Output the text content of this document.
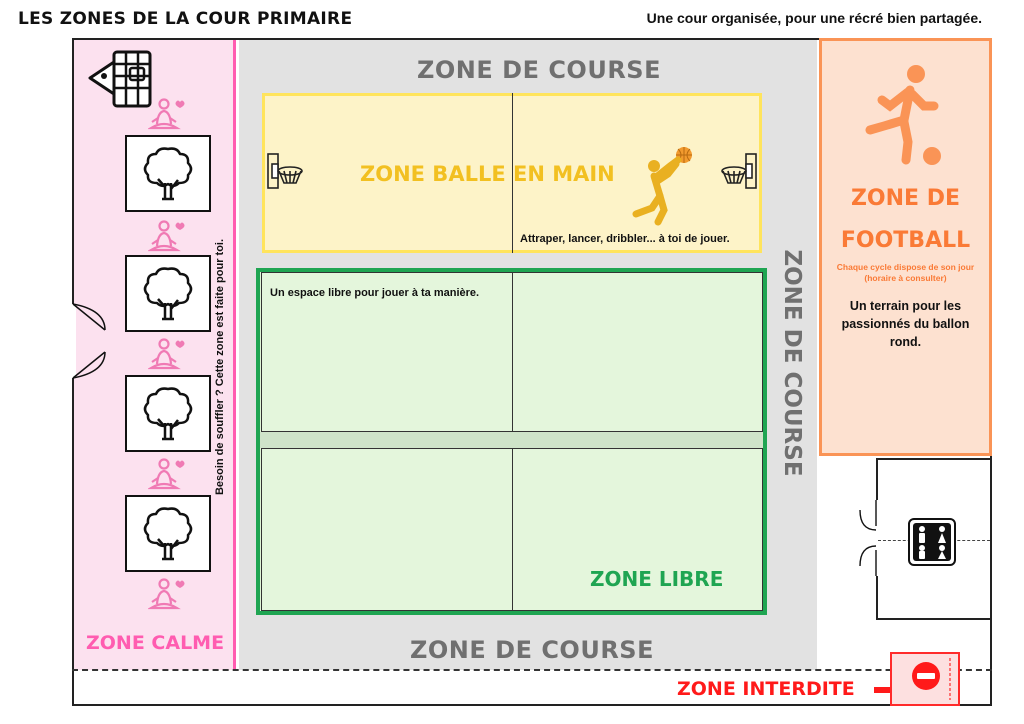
LES ZONES DE LA COUR PRIMAIRE	Une cour organisée, pour une récré bien partagée.
ZONE DE COURSE
ZONE DE COURSE
ZONE DE COURSE
Besoin de souffler ? Cette zone est faite pour toi.
ZONE CALME
ZONE BALLE EN MAIN
Attraper, lancer, dribbler... à toi de jouer.
Un espace libre pour jouer à ta manière.
ZONE LIBRE
ZONE DE
FOOTBALL
Chaque cycle dispose de son jour
(horaire à consulter)
Un terrain pour les passionnés du ballon rond.
ZONE INTERDITE
